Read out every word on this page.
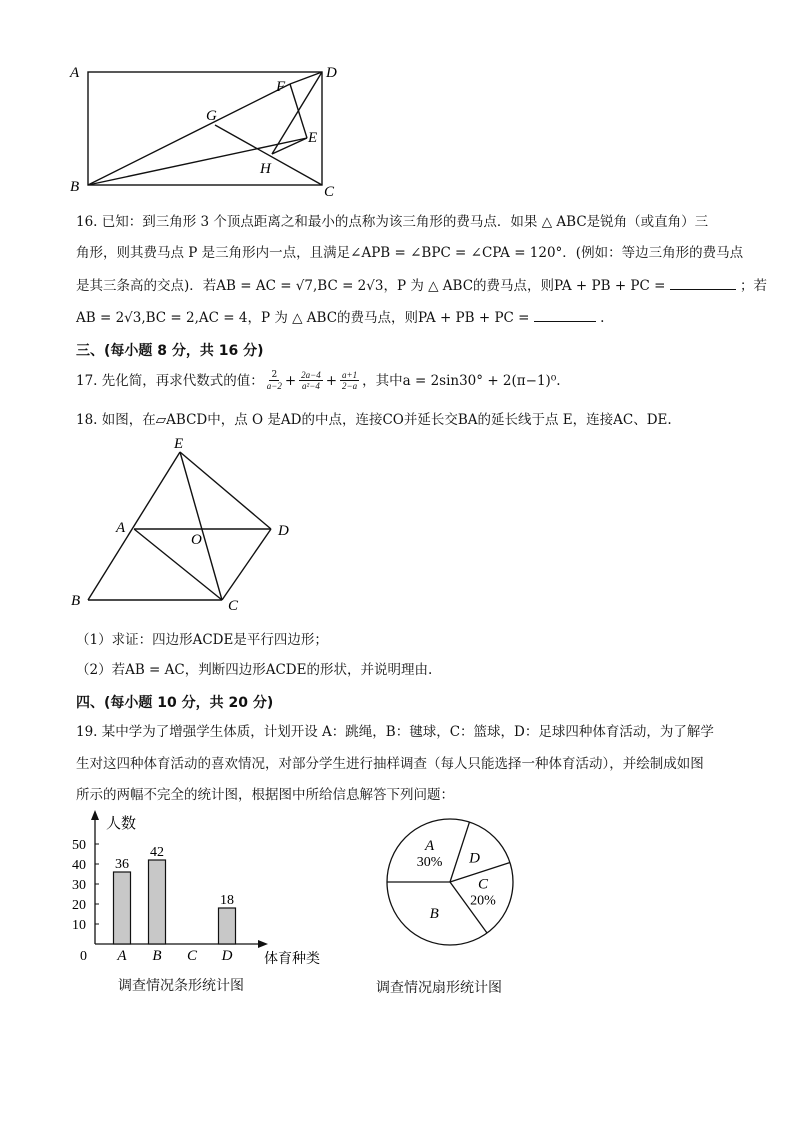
A	D
B	C
F
G
E
H
16. 已知：到三角形 3 个顶点距离之和最小的点称为该三角形的费马点．如果 △ ABC是锐角（或直角）三
角形，则其费马点 P 是三角形内一点，且满足∠APB = ∠BPC = ∠CPA = 120°．(例如：等边三角形的费马点
是其三条高的交点)．若AB = AC = √7,BC = 2√3，P 为 △ ABC的费马点，则PA + PB + PC =	；若
AB = 2√3,BC = 2,AC = 4，P 为 △ ABC的费马点，则PA + PB + PC =	.
三、(每小题 8 分，共 16 分)
17. 先化简，再求代数式的值： $\frac{2}{a-2} + \frac{2a-4}{\text{a²−4}} + \frac{a+1}{2-a}$ ，其中a = 2sin30° + 2(π−1)⁰.
18. 如图，在▱ABCD中，点 O 是AD的中点，连接CO并延长交BA的延长线于点 E，连接AC、DE.
E
A
O
D
B	C
（1）求证：四边形ACDE是平行四边形；
（2）若AB = AC，判断四边形ACDE的形状，并说明理由.
四、(每小题 10 分，共 20 分)
19. 某中学为了增强学生体质，计划开设 A：跳绳，B：毽球，C：篮球，D：足球四种体育活动，为了解学
生对这四种体育活动的喜欢情况，对部分学生进行抽样调查（每人只能选择一种体育活动），并绘制成如图
所示的两幅不完全的统计图，根据图中所给信息解答下列问题：
人数
体育种类
0
10
20
30
40
50
36
A
42
B C
18
D
调查情况条形统计图
A
30% D
C
20%
B
调查情况扇形统计图
